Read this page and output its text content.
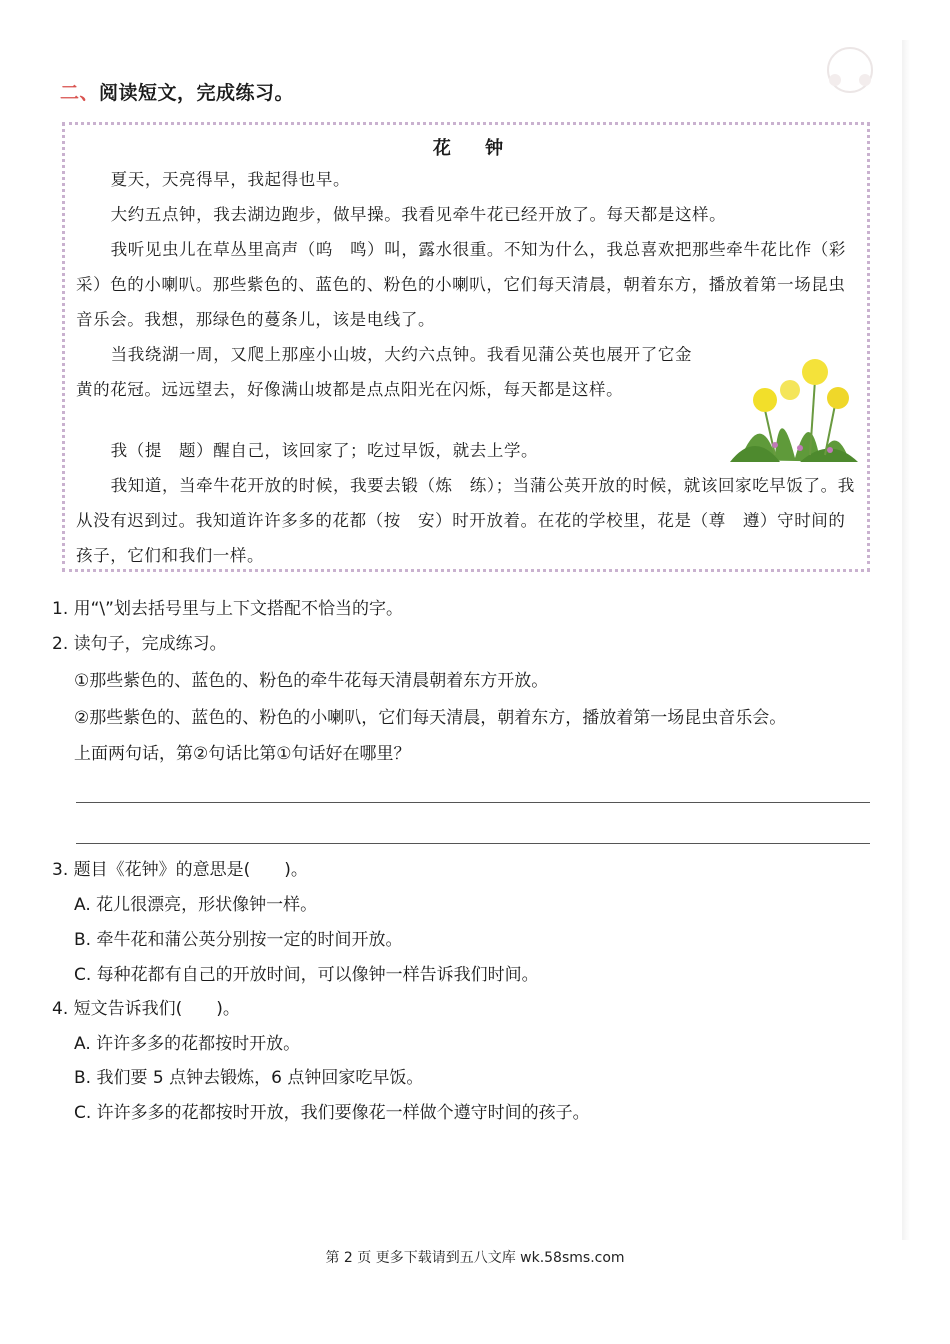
二、阅读短文，完成练习。
花 钟
夏天，天亮得早，我起得也早。
大约五点钟，我去湖边跑步，做早操。我看见牵牛花已经开放了。每天都是这样。
我听见虫儿在草丛里高声（呜　鸣）叫，露水很重。不知为什么，我总喜欢把那些牵牛花比作（彩　采）色的小喇叭。那些紫色的、蓝色的、粉色的小喇叭，它们每天清晨，朝着东方，播放着第一场昆虫音乐会。我想，那绿色的蔓条儿，该是电线了。
当我绕湖一周，又爬上那座小山坡，大约六点钟。我看见蒲公英也展开了它金黄的花冠。远远望去，好像满山坡都是点点阳光在闪烁，每天都是这样。
我（提　题）醒自己，该回家了；吃过早饭，就去上学。
我知道，当牵牛花开放的时候，我要去锻（炼　练）；当蒲公英开放的时候，就该回家吃早饭了。我从没有迟到过。我知道许许多多的花都（按　安）时开放着。在花的学校里，花是（尊　遵）守时间的孩子，它们和我们一样。
1. 用“\”划去括号里与上下文搭配不恰当的字。
2. 读句子，完成练习。
①那些紫色的、蓝色的、粉色的牵牛花每天清晨朝着东方开放。
②那些紫色的、蓝色的、粉色的小喇叭，它们每天清晨，朝着东方，播放着第一场昆虫音乐会。
上面两句话，第②句话比第①句话好在哪里？
3. 题目《花钟》的意思是(　　)。
A. 花儿很漂亮，形状像钟一样。
B. 牵牛花和蒲公英分别按一定的时间开放。
C. 每种花都有自己的开放时间，可以像钟一样告诉我们时间。
4. 短文告诉我们(　　)。
A. 许许多多的花都按时开放。
B. 我们要 5 点钟去锻炼，6 点钟回家吃早饭。
C. 许许多多的花都按时开放，我们要像花一样做个遵守时间的孩子。
第 2 页 更多下载请到五八文库 wk.58sms.com
